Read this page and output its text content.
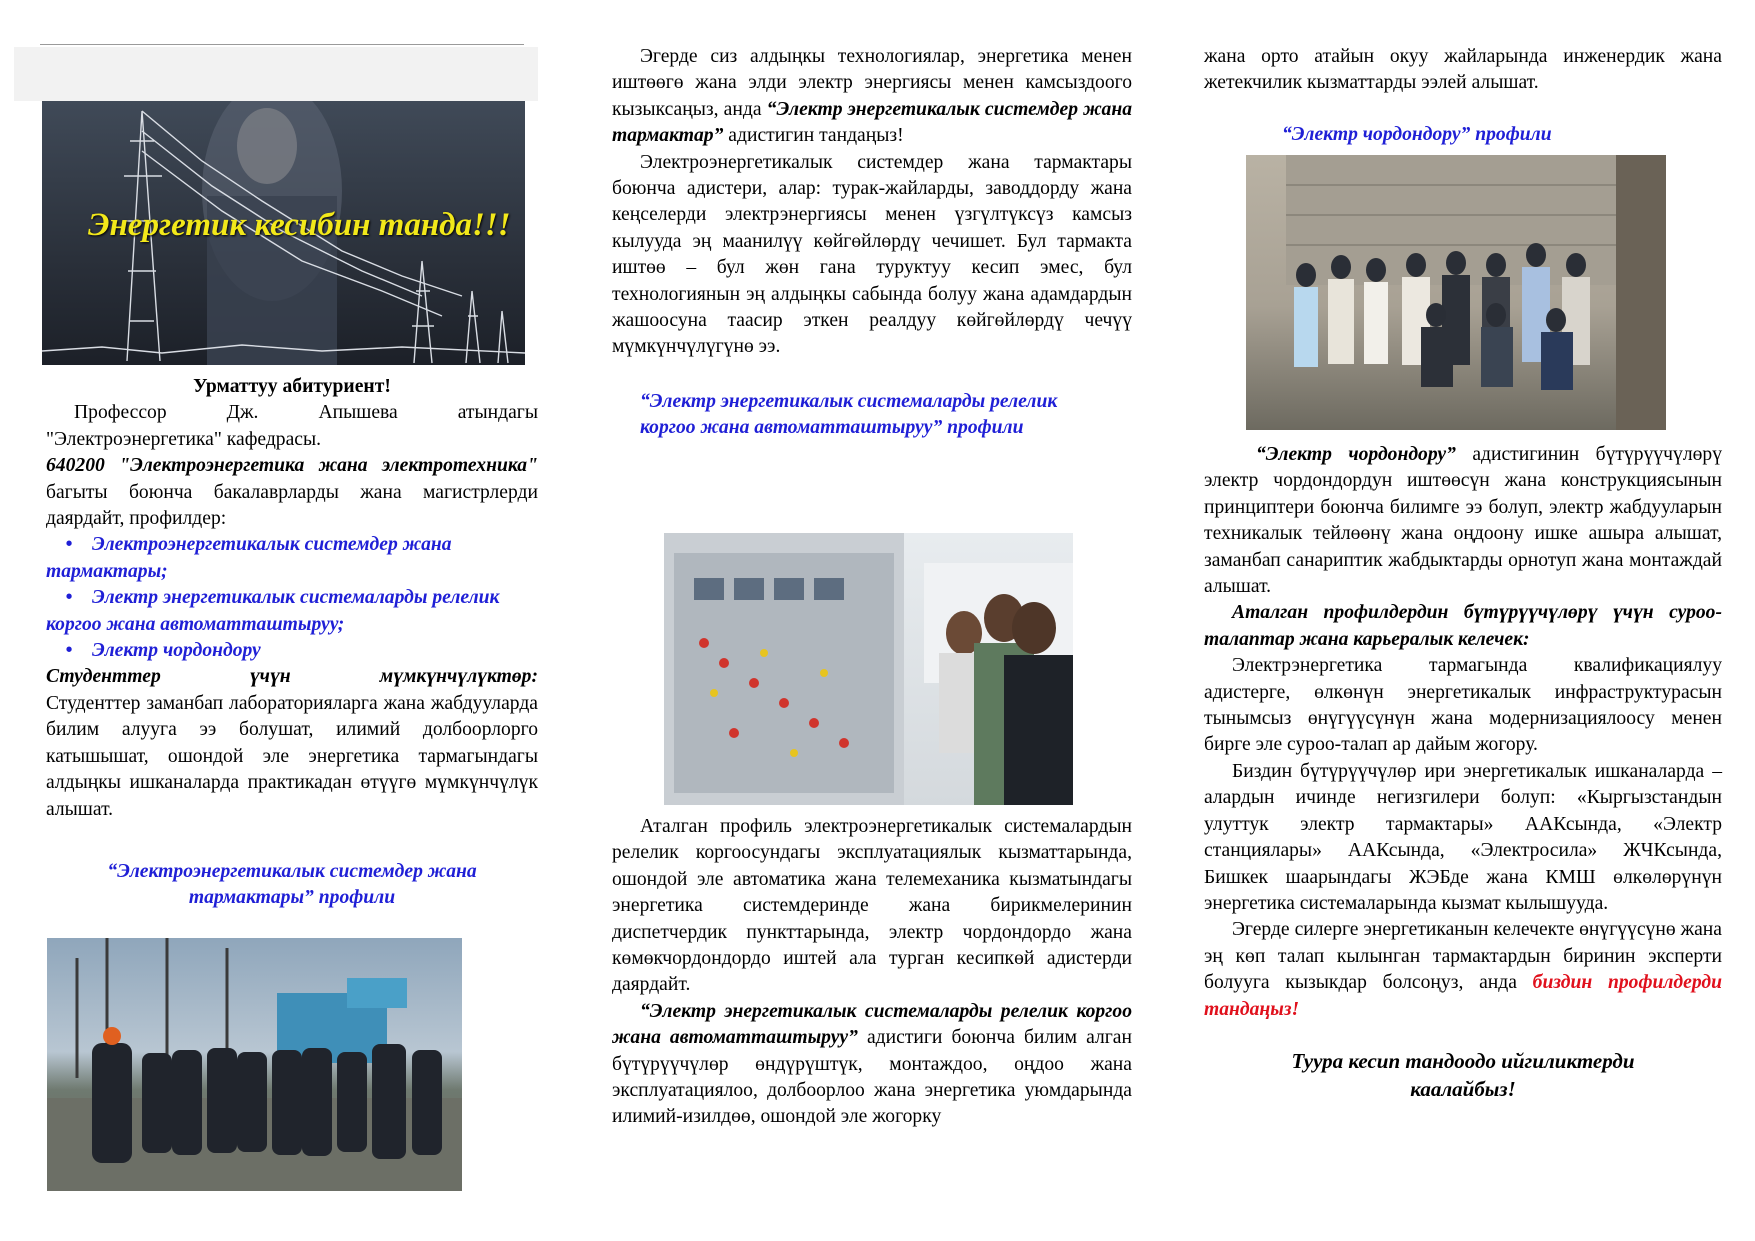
Энергетик кесибин танда!!!

Урматтуу абитуриент!

Профессор Дж. Апышева атындагы "Электроэнергетика" кафедрасы.

640200 "Электроэнергетика жана электротехника" багыты боюнча бакалаврларды жана магистрлерди даярдайт, профилдер:

• Электроэнергетикалык системдер жана тармактары;
• Электр энергетикалык системаларды релелик коргоо жана автоматташтыруу;
• Электр чордондору

Студенттер үчүн мүмкүнчүлүктөр:

Студенттер заманбап лабораторияларга жана жабдууларда билим алууга ээ болушат, илимий долбоорлорго катышышат, ошондой эле энергетика тармагындагы алдыңкы ишканаларда практикадан өтүүгө мүмкүнчүлүк алышат.

“Электроэнергетикалык системдер жана тармактары” профили

Эгерде сиз алдыңкы технологиялар, энергетика менен иштөөгө жана элди электр энергиясы менен камсыздоого кызыксаңыз, анда “Электр энергетикалык системдер жана тармактар” адистигин тандаңыз!

Электроэнергетикалык системдер жана тармактары боюнча адистери, алар: турак-жайларды, заводдорду жана кеңселерди электрэнергиясы менен үзгүлтүксүз камсыз кылууда эң маанилүү көйгөйлөрдү чечишет. Бул тармакта иштөө – бул жөн гана туруктуу кесип эмес, бул технологиянын эң алдыңкы сабында болуу жана адамдардын жашоосуна таасир эткен реалдуу көйгөйлөрдү чечүү мүмкүнчүлүгүнө ээ.

“Электр энергетикалык системаларды релелик коргоо жана автоматташтыруу” профили

Аталган профиль электроэнергетикалык системалардын релелик коргоосундагы эксплуатациялык кызматтарында, ошондой эле автоматика жана телемеханика кызматындагы энергетика системдеринде жана бирикмелеринин диспетчердик пункттарында, электр чордондордо жана көмөкчордондордо иштей ала турган кесипкөй адистерди даярдайт.

“Электр энергетикалык системаларды релелик коргоо жана автоматташтыруу” адистиги боюнча билим алган бүтүрүүчүлөр өндүрүштүк, монтаждоо, оңдоо жана эксплуатациялоо, долбоорлоо жана энергетика уюмдарында илимий-изилдөө, ошондой эле жогорку

жана орто атайын окуу жайларында инженердик жана жетекчилик кызматтарды ээлей алышат.

“Электр чордондору” профили

“Электр чордондору” адистигинин бүтүрүүчүлөрү электр чордондордун иштөөсүн жана конструкциясынын принциптери боюнча билимге ээ болуп, электр жабдууларын техникалык тейлөөнү жана оңдоону ишке ашыра алышат, заманбап санариптик жабдыктарды орнотуп жана монтаждай алышат.

Аталган профилдердин бүтүрүүчүлөрү үчүн суроо-талаптар жана карьералык келечек:

Электрэнергетика тармагында квалификациялуу адистерге, өлкөнүн энергетикалык инфраструктурасын тынымсыз өнүгүүсүнүн жана модернизациялоосу менен бирге эле суроо-талап ар дайым жогору.

Биздин бүтүрүүчүлөр ири энергетикалык ишканаларда – алардын ичинде негизгилери болуп: «Кыргызстандын улуттук электр тармактары» ААКсында, «Электр станциялары» ААКсында, «Электросила» ЖЧКсында, Бишкек шаарындагы ЖЭБде жана КМШ өлкөлөрүнүн энергетика системаларында кызмат кылышууда.

Эгерде силерге энергетиканын келечекте өнүгүүсүнө жана эң көп талап кылынган тармактардын биринин эксперти болууга кызыкдар болсоңуз, анда биздин профилдерди тандаңыз!

Туура кесип тандоодо ийгиликтерди каалайбыз!
